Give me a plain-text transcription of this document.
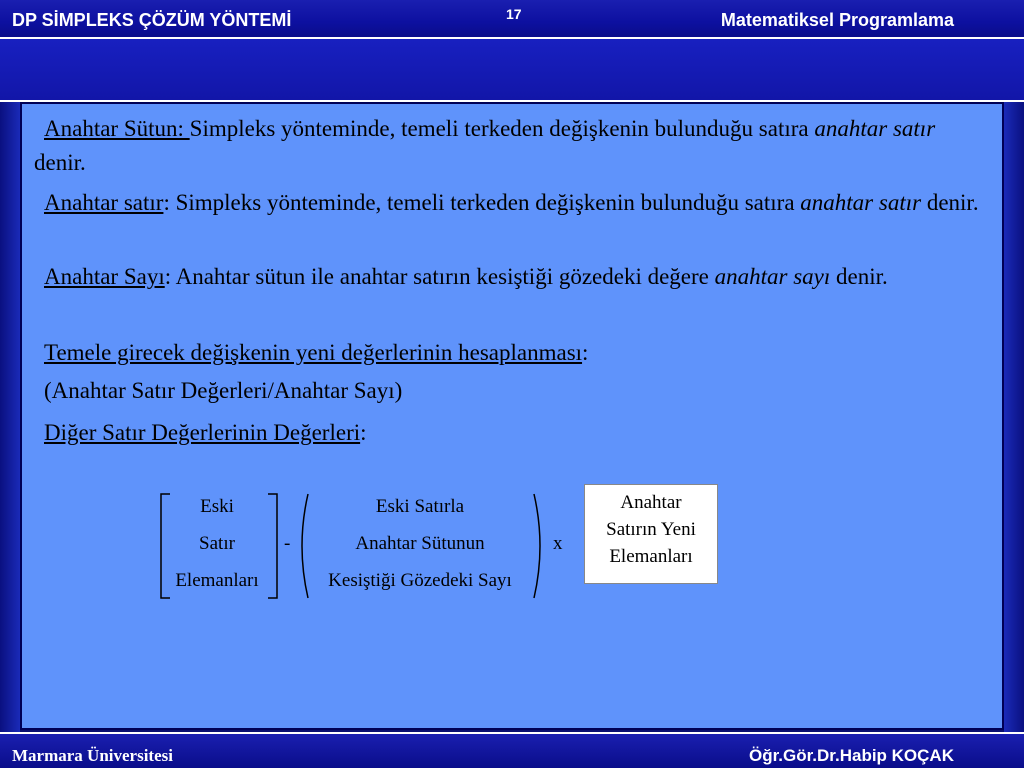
DP SİMPLEKS ÇÖZÜM YÖNTEMİ	17	Matematiksel Programlama
Anahtar Sütun: Simpleks yönteminde, temeli terkeden değişkenin bulunduğu satıra anahtar satır denir.
Anahtar satır: Simpleks yönteminde, temeli terkeden değişkenin bulunduğu satıra anahtar satır denir.
Anahtar Sayı: Anahtar sütun ile anahtar satırın kesiştiği gözedeki değere anahtar sayı denir.
Temele girecek değişkenin yeni değerlerinin hesaplanması:
(Anahtar Satır Değerleri/Anahtar Sayı)
Diğer Satır Değerlerinin Değerleri:
Eski
Satır
Elemanları
-
Eski Satırla
Anahtar Sütunun
Kesiştiği Gözedeki Sayı
x
Anahtar
Satırın Yeni
Elemanları
Marmara Üniversitesi	Öğr.Gör.Dr.Habip KOÇAK
